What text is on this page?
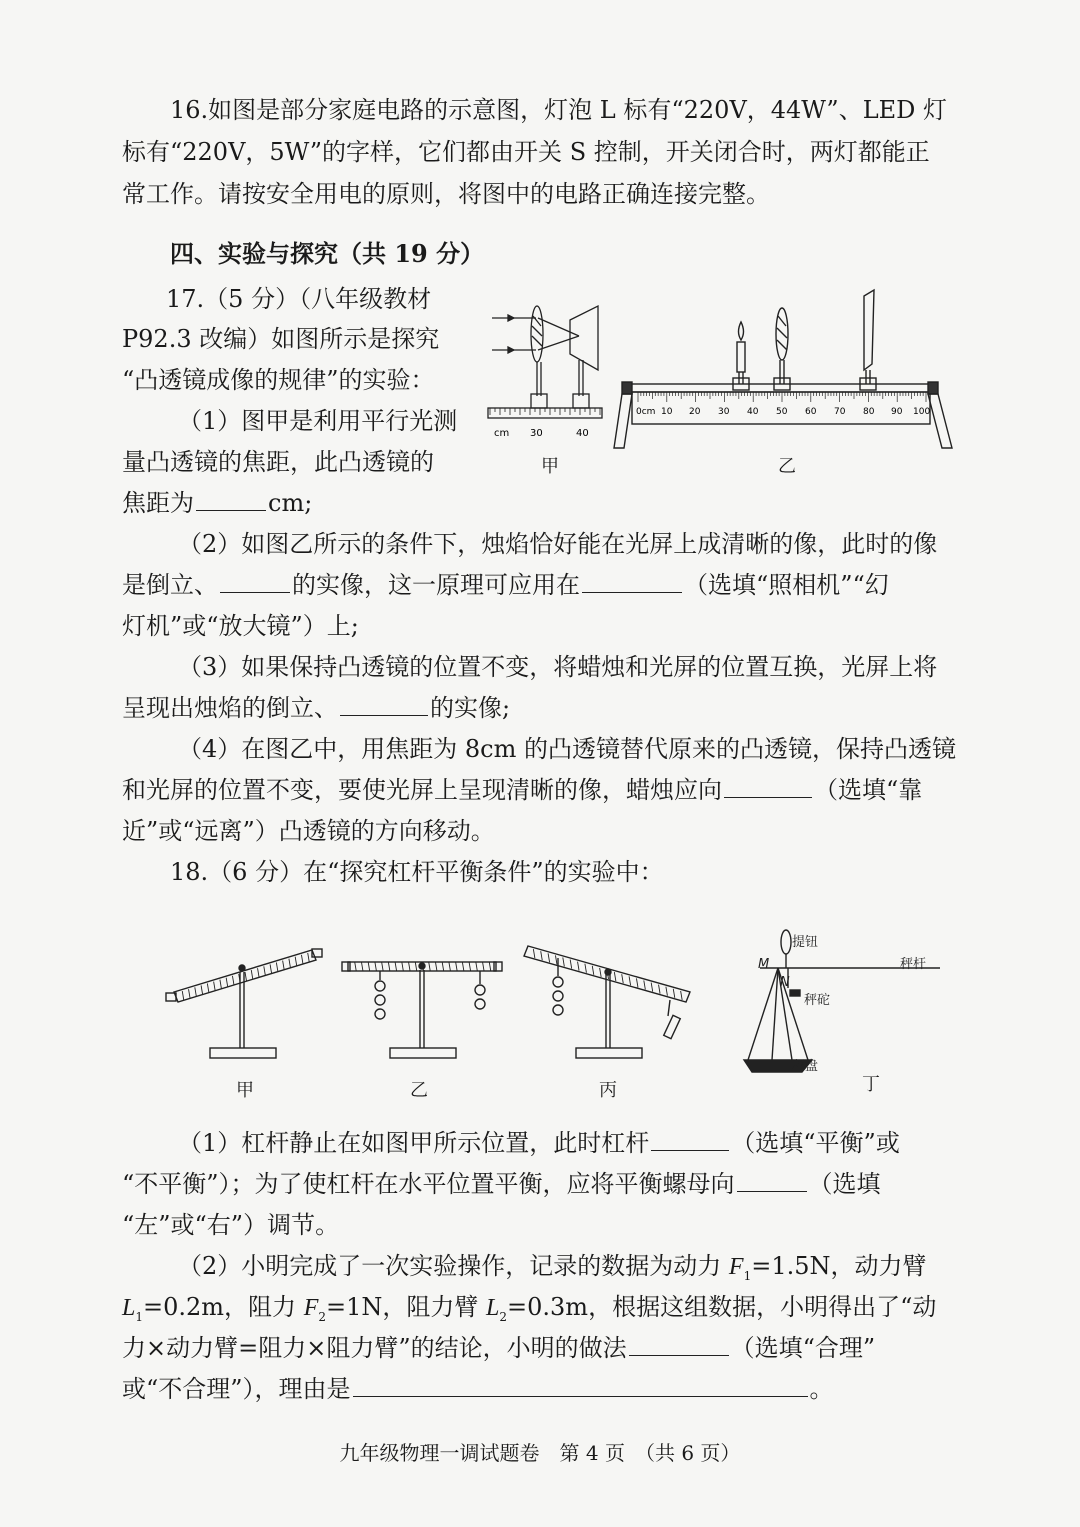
16.如图是部分家庭电路的示意图，灯泡 L 标有“220V，44W”、LED 灯
标有“220V，5W”的字样，它们都由开关 S 控制，开关闭合时，两灯都能正
常工作。请按安全用电的原则，将图中的电路正确连接完整。
四、实验与探究（共 19 分）
17.（5 分）（八年级教材
P92.3 改编）如图所示是探究
“凸透镜成像的规律”的实验：
（1）图甲是利用平行光测
量凸透镜的焦距，此凸透镜的
焦距为	cm;
cm 30	40
甲
0cm 10 20 30 40 50 60 70 80 90 100
乙
（2）如图乙所示的条件下，烛焰恰好能在光屏上成清晰的像，此时的像
是倒立、	的实像，这一原理可应用在	（选填“照相机”“幻
灯机”或“放大镜”）上;
（3）如果保持凸透镜的位置不变，将蜡烛和光屏的位置互换，光屏上将
呈现出烛焰的倒立、	的实像;
（4）在图乙中，用焦距为 8cm 的凸透镜替代原来的凸透镜，保持凸透镜
和光屏的位置不变，要使光屏上呈现清晰的像，蜡烛应向	（选填“靠
近”或“远离”）凸透镜的方向移动。
18.（6 分）在“探究杠杆平衡条件”的实验中：
提钮
秤杆
秤砣
秤盘
M
N
甲	乙	丙	丁
（1）杠杆静止在如图甲所示位置，此时杠杆	（选填“平衡”或
“不平衡”）；为了使杠杆在水平位置平衡，应将平衡螺母向	（选填
“左”或“右”）调节。
（2）小明完成了一次实验操作，记录的数据为动力 $F_1=1.5N$，动力臂
$L_1=0.2m$，阻力 $F_2=1N$，阻力臂 $L_2=0.3m$，根据这组数据，小明得出了“动
力×动力臂=阻力×阻力臂”的结论，小明的做法	（选填“合理”
或“不合理”），理由是	。
九年级物理一调试题卷　第 4 页　（共 6 页）
